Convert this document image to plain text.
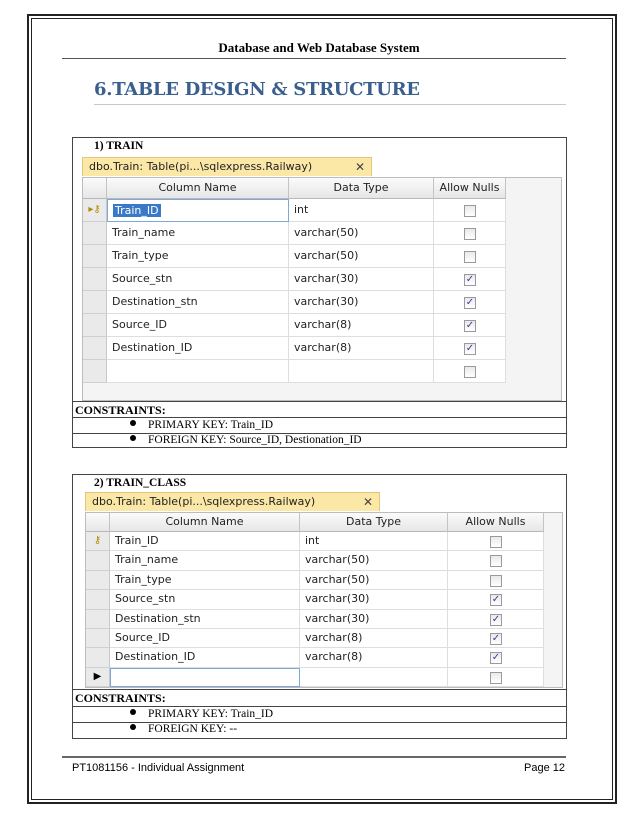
Database and Web Database System
6.TABLE DESIGN & STRUCTURE
1) TRAIN
dbo.Train: Table(pi...\sqlexpress.Railway)	✕
Column Name	Data Type	Allow Nulls
▸⚷	Train_ID	int
Train_name	varchar(50)
Train_type	varchar(50)
Source_stn	varchar(30)	✓
Destination_stn	varchar(30)	✓
Source_ID	varchar(8)	✓
Destination_ID	varchar(8)	✓
CONSTRAINTS:
PRIMARY KEY: Train_ID
FOREIGN KEY: Source_ID, Destionation_ID
2) TRAIN_CLASS
dbo.Train: Table(pi...\sqlexpress.Railway)	✕
Column Name	Data Type	Allow Nulls
⚷	Train_ID	int
Train_name	varchar(50)
Train_type	varchar(50)
Source_stn	varchar(30)	✓
Destination_stn	varchar(30)	✓
Source_ID	varchar(8)	✓
Destination_ID	varchar(8)	✓
▶
CONSTRAINTS:
PRIMARY KEY: Train_ID
FOREIGN KEY: --
PT1081156 - Individual Assignment	Page 12
